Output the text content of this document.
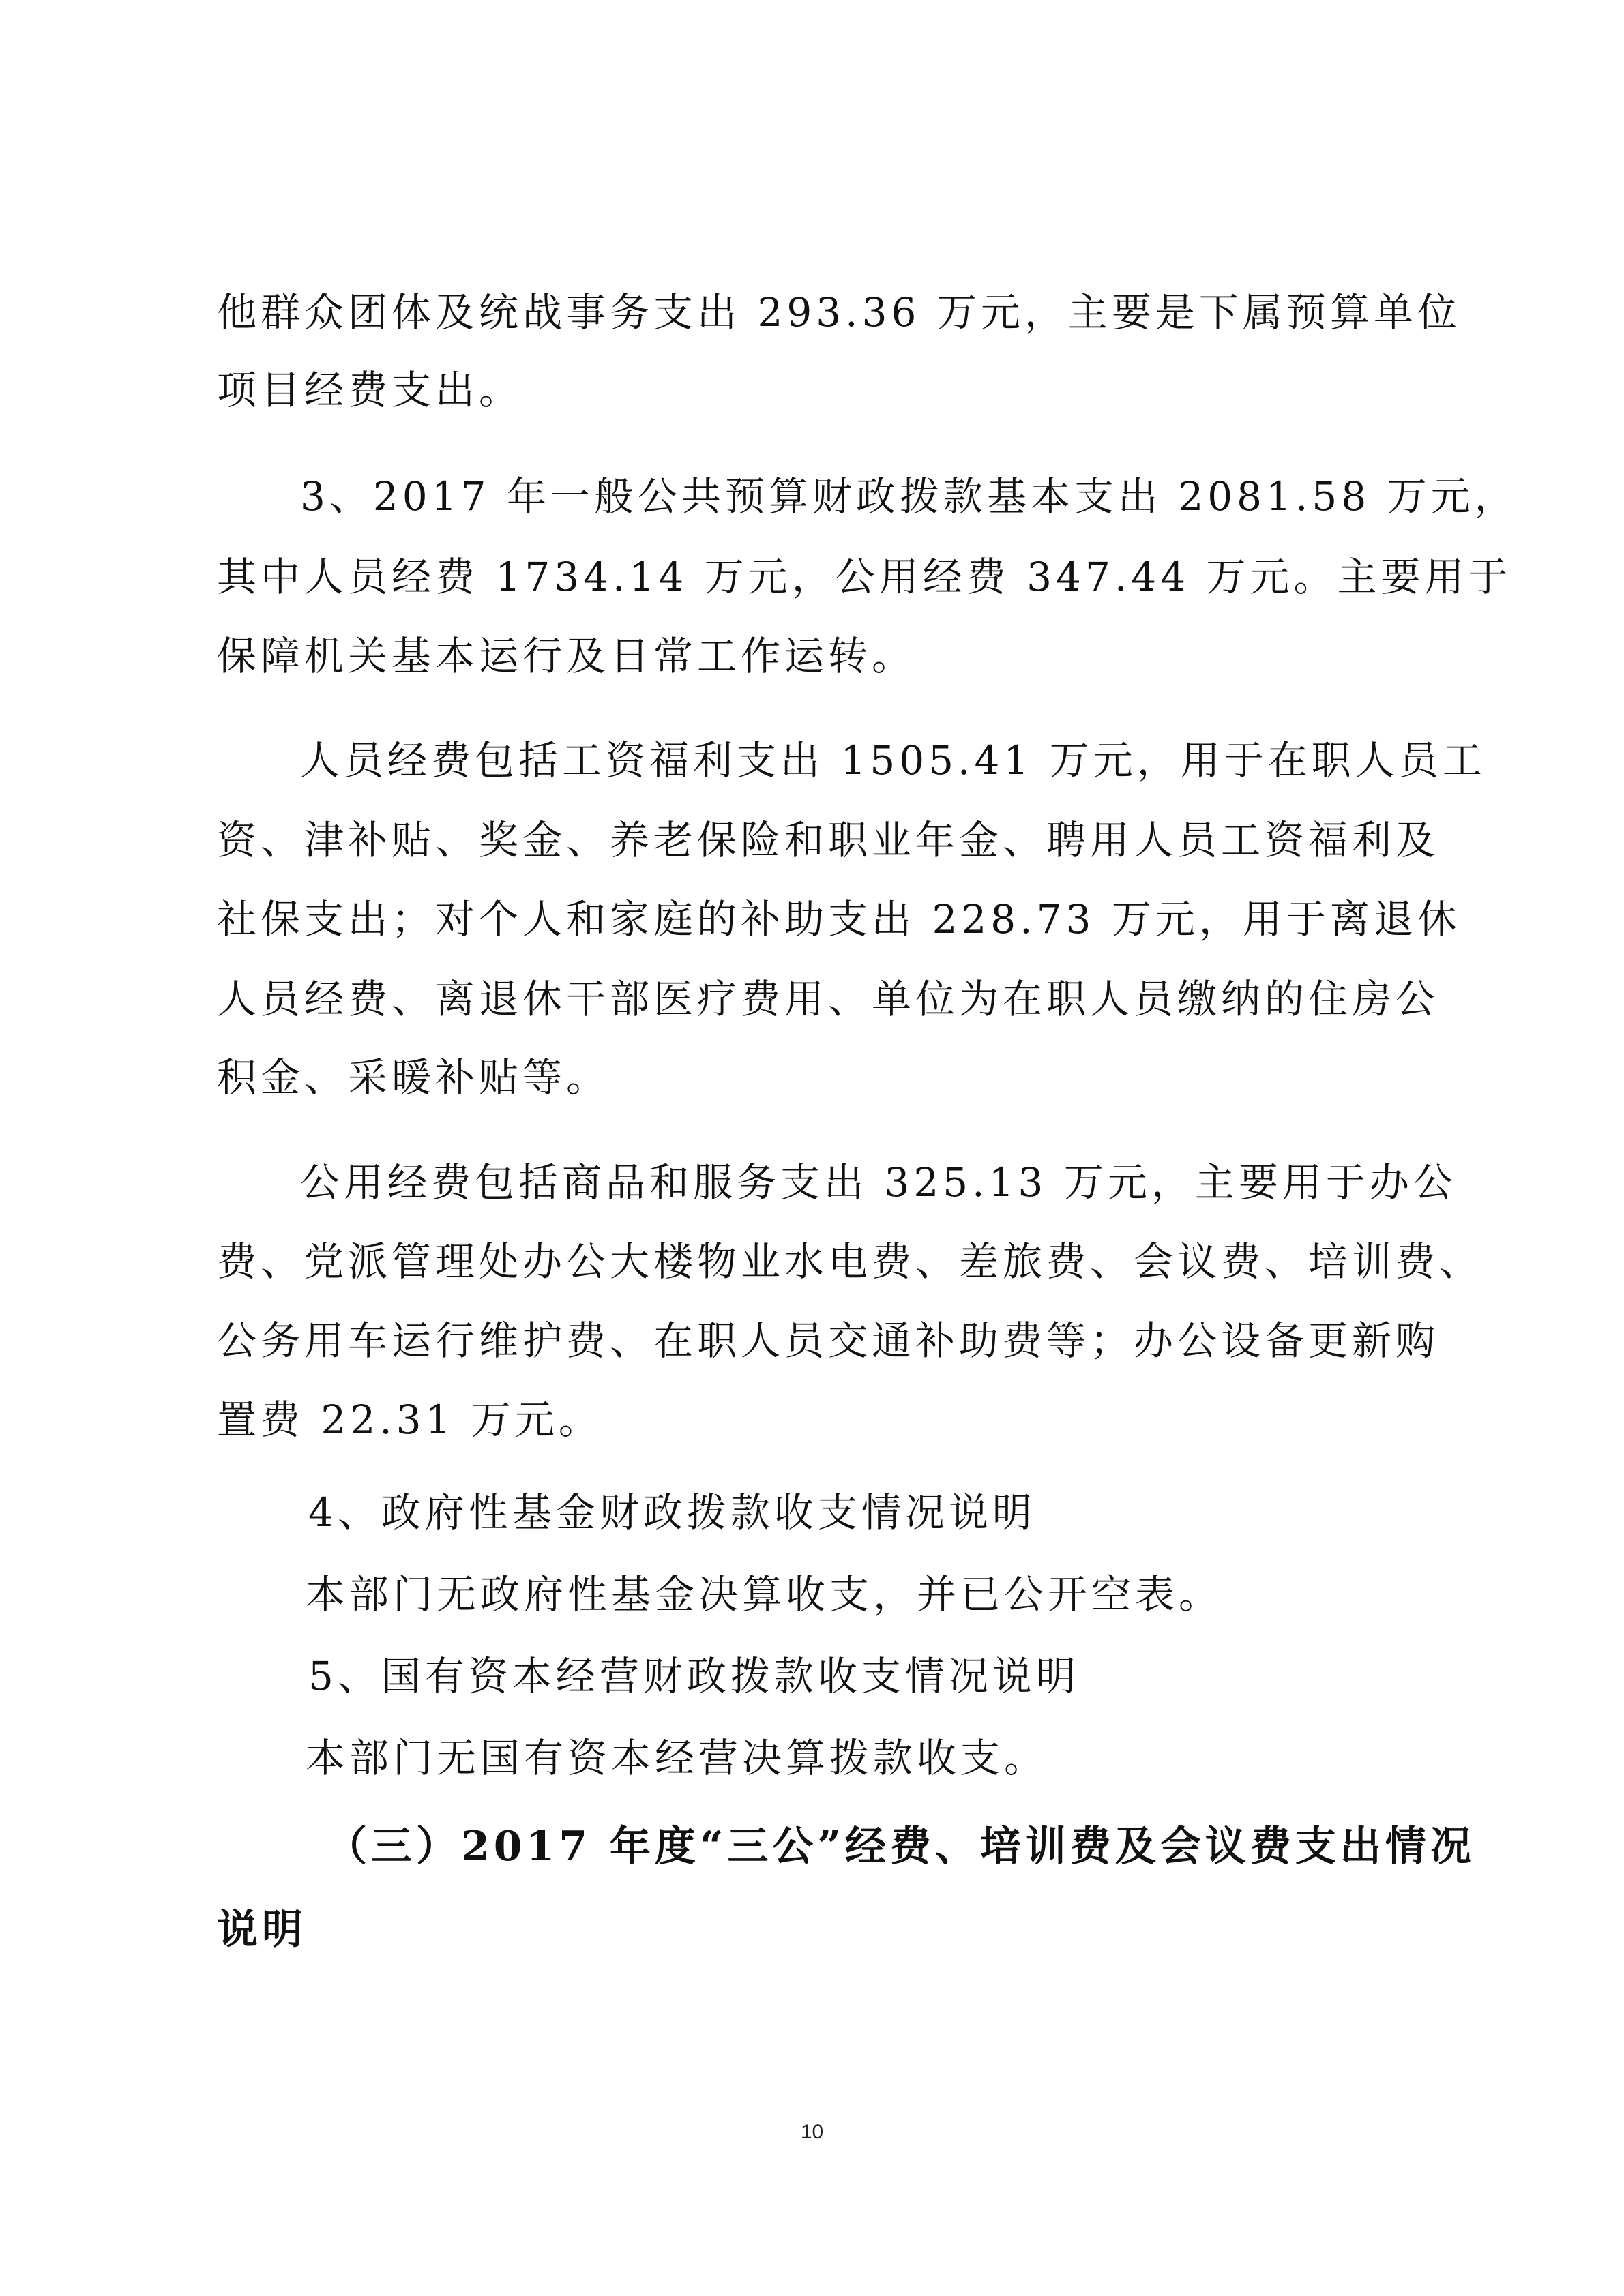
他群众团体及统战事务支出 293.36 万元，主要是下属预算单位
项目经费支出。
3、2017 年一般公共预算财政拨款基本支出 2081.58 万元，
其中人员经费 1734.14 万元，公用经费 347.44 万元。主要用于
保障机关基本运行及日常工作运转。
人员经费包括工资福利支出 1505.41 万元，用于在职人员工
资、津补贴、奖金、养老保险和职业年金、聘用人员工资福利及
社保支出；对个人和家庭的补助支出 228.73 万元，用于离退休
人员经费、离退休干部医疗费用、单位为在职人员缴纳的住房公
积金、采暖补贴等。
公用经费包括商品和服务支出 325.13 万元，主要用于办公
费、党派管理处办公大楼物业水电费、差旅费、会议费、培训费、
公务用车运行维护费、在职人员交通补助费等；办公设备更新购
置费 22.31 万元。
4、政府性基金财政拨款收支情况说明
本部门无政府性基金决算收支，并已公开空表。
5、国有资本经营财政拨款收支情况说明
本部门无国有资本经营决算拨款收支。
（三）2017 年度“三公”经费、培训费及会议费支出情况
说明
10
